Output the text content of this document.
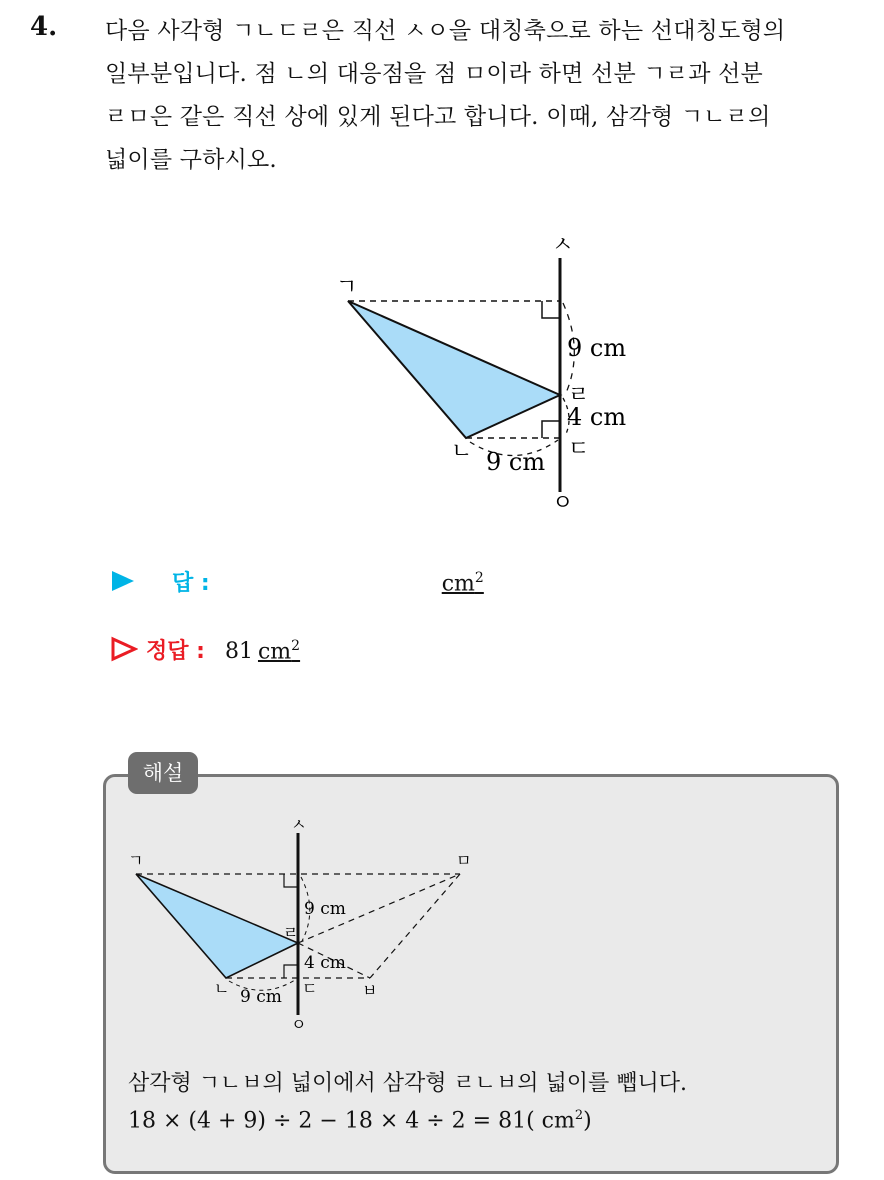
4. 다음 사각형 ㄱㄴㄷㄹ은 직선 ㅅㅇ을 대칭축으로 하는 선대칭도형의

일부분입니다. 점 ㄴ의 대응점을 점 ㅁ이라 하면 선분 ㄱㄹ과 선분

ㄹㅁ은 같은 직선 상에 있게 된다고 합니다. 이때, 삼각형 ㄱㄴㄹ의

넓이를 구하시오.

ㅅ
ㅇ
ㄱ
ㄴ	ㄷ
ㄹ
9 cm
4 cm
9 cm
답 :	$cm^2$
정답 : 81 $cm^2$
해설
ㅅ
ㅇ
ㄱ	ㅁ
ㄴ	ㄷ	ㅂ
ㄹ
9 cm
4 cm
9 cm
삼각형 ㄱㄴㅂ의 넓이에서 삼각형 ㄹㄴㅂ의 넓이를 뺍니다.
18 × (4 + 9) ÷ 2 − 18 × 4 ÷ 2 = 81( $cm^2$)
